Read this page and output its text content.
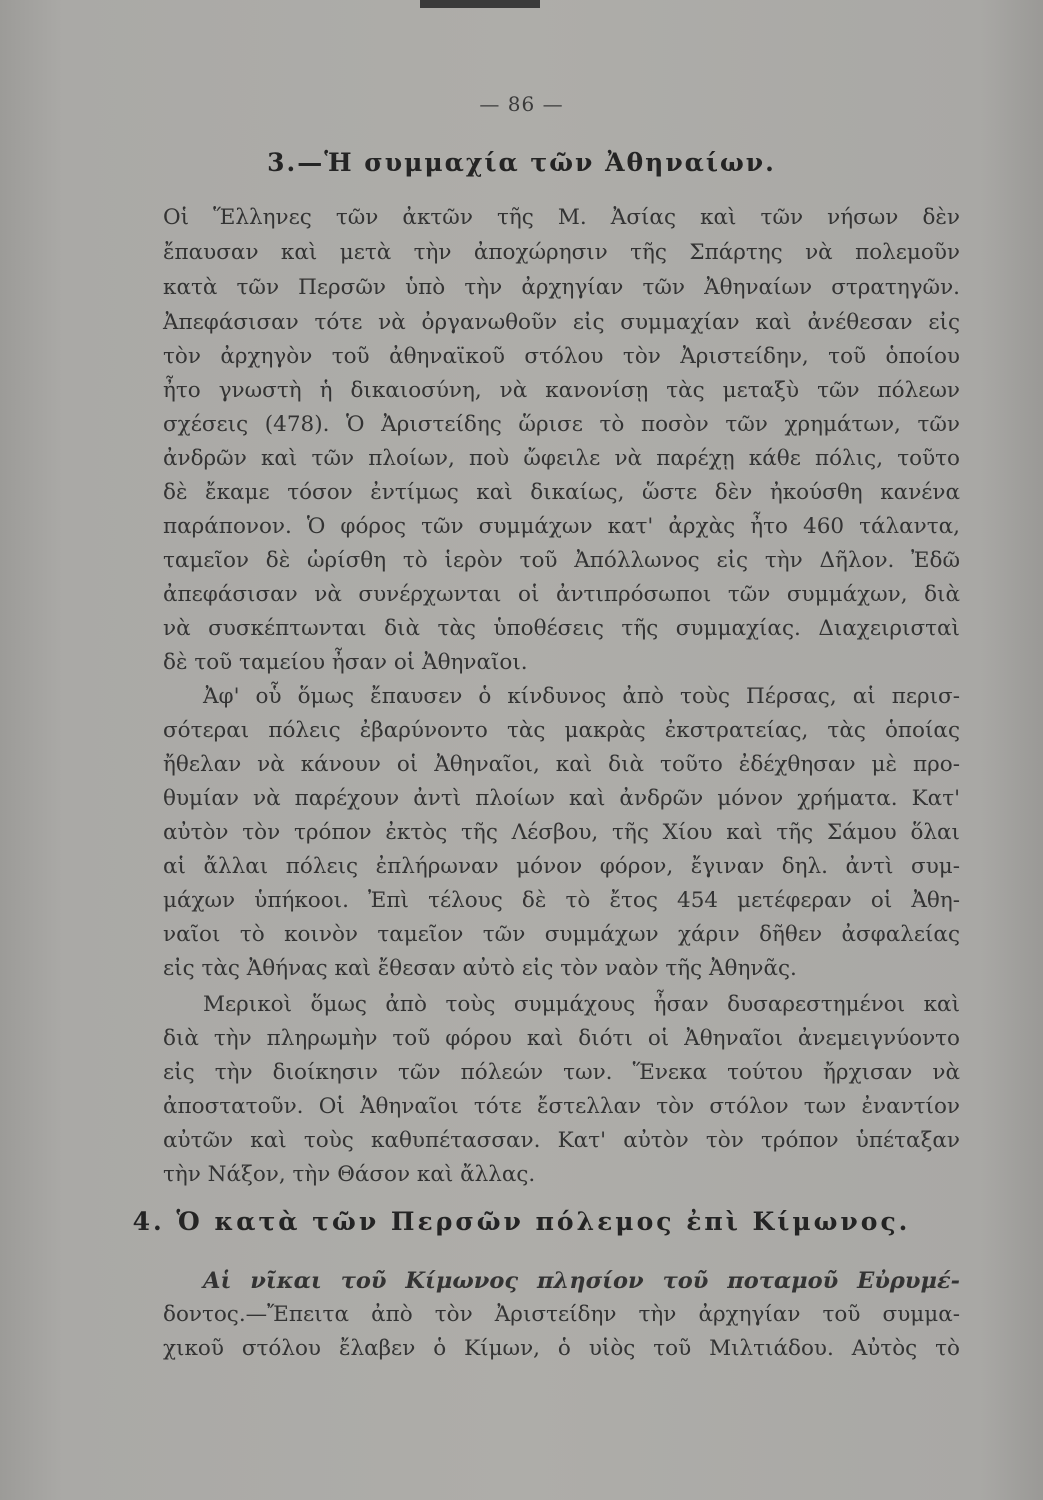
— 86 —
3.—Ἡ συμμαχία τῶν Ἀθηναίων.
Οἱ Ἕλληνες τῶν ἀκτῶν τῆς Μ. Ἀσίας καὶ τῶν νήσων δὲν
ἔπαυσαν καὶ μετὰ τὴν ἀποχώρησιν τῆς Σπάρτης νὰ πολεμοῦν
κατὰ τῶν Περσῶν ὑπὸ τὴν ἀρχηγίαν τῶν Ἀθηναίων στρατηγῶν.
Ἀπεφάσισαν τότε νὰ ὀργανωθοῦν εἰς συμμαχίαν καὶ ἀνέθεσαν εἰς
τὸν ἀρχηγὸν τοῦ ἀθηναϊκοῦ στόλου τὸν Ἀριστείδην, τοῦ ὁποίου
ἦτο γνωστὴ ἡ δικαιοσύνη, νὰ κανονίσῃ τὰς μεταξὺ τῶν πόλεων
σχέσεις (478). Ὁ Ἀριστείδης ὥρισε τὸ ποσὸν τῶν χρημάτων, τῶν
ἀνδρῶν καὶ τῶν πλοίων, ποὺ ὤφειλε νὰ παρέχῃ κάθε πόλις, τοῦτο
δὲ ἔκαμε τόσον ἐντίμως καὶ δικαίως, ὥστε δὲν ἠκούσθη κανένα
παράπονον. Ὁ φόρος τῶν συμμάχων κατ' ἀρχὰς ἦτο 460 τάλαντα,
ταμεῖον δὲ ὡρίσθη τὸ ἱερὸν τοῦ Ἀπόλλωνος εἰς τὴν Δῆλον. Ἐδῶ
ἀπεφάσισαν νὰ συνέρχωνται οἱ ἀντιπρόσωποι τῶν συμμάχων, διὰ
νὰ συσκέπτωνται διὰ τὰς ὑποθέσεις τῆς συμμαχίας. Διαχειρισταὶ
δὲ τοῦ ταμείου ἦσαν οἱ Ἀθηναῖοι.
Ἀφ' οὗ ὅμως ἔπαυσεν ὁ κίνδυνος ἀπὸ τοὺς Πέρσας, αἱ περισ-
σότεραι πόλεις ἐβαρύνοντο τὰς μακρὰς ἐκστρατείας, τὰς ὁποίας
ἤθελαν νὰ κάνουν οἱ Ἀθηναῖοι, καὶ διὰ τοῦτο ἐδέχθησαν μὲ προ-
θυμίαν νὰ παρέχουν ἀντὶ πλοίων καὶ ἀνδρῶν μόνον χρήματα. Κατ'
αὐτὸν τὸν τρόπον ἐκτὸς τῆς Λέσβου, τῆς Χίου καὶ τῆς Σάμου ὅλαι
αἱ ἄλλαι πόλεις ἐπλήρωναν μόνον φόρον, ἔγιναν δηλ. ἀντὶ συμ-
μάχων ὑπήκοοι. Ἐπὶ τέλους δὲ τὸ ἔτος 454 μετέφεραν οἱ Ἀθη-
ναῖοι τὸ κοινὸν ταμεῖον τῶν συμμάχων χάριν δῆθεν ἀσφαλείας
εἰς τὰς Ἀθήνας καὶ ἔθεσαν αὐτὸ εἰς τὸν ναὸν τῆς Ἀθηνᾶς.
Μερικοὶ ὅμως ἀπὸ τοὺς συμμάχους ἦσαν δυσαρεστημένοι καὶ
διὰ τὴν πληρωμὴν τοῦ φόρου καὶ διότι οἱ Ἀθηναῖοι ἀνεμειγνύοντο
εἰς τὴν διοίκησιν τῶν πόλεών των. Ἕνεκα τούτου ἤρχισαν νὰ
ἀποστατοῦν. Οἱ Ἀθηναῖοι τότε ἔστελλαν τὸν στόλον των ἐναντίον
αὐτῶν καὶ τοὺς καθυπέτασσαν. Κατ' αὐτὸν τὸν τρόπον ὑπέταξαν
τὴν Νάξον, τὴν Θάσον καὶ ἄλλας.
4. Ὁ κατὰ τῶν Περσῶν πόλεμος ἐπὶ Κίμωνος.
Αἱ νῖκαι τοῦ Κίμωνος πλησίον τοῦ ποταμοῦ Εὐρυμέ-
δοντος.—Ἔπειτα ἀπὸ τὸν Ἀριστείδην τὴν ἀρχηγίαν τοῦ συμμα-
χικοῦ στόλου ἔλαβεν ὁ Κίμων, ὁ υἱὸς τοῦ Μιλτιάδου. Αὐτὸς τὸ
